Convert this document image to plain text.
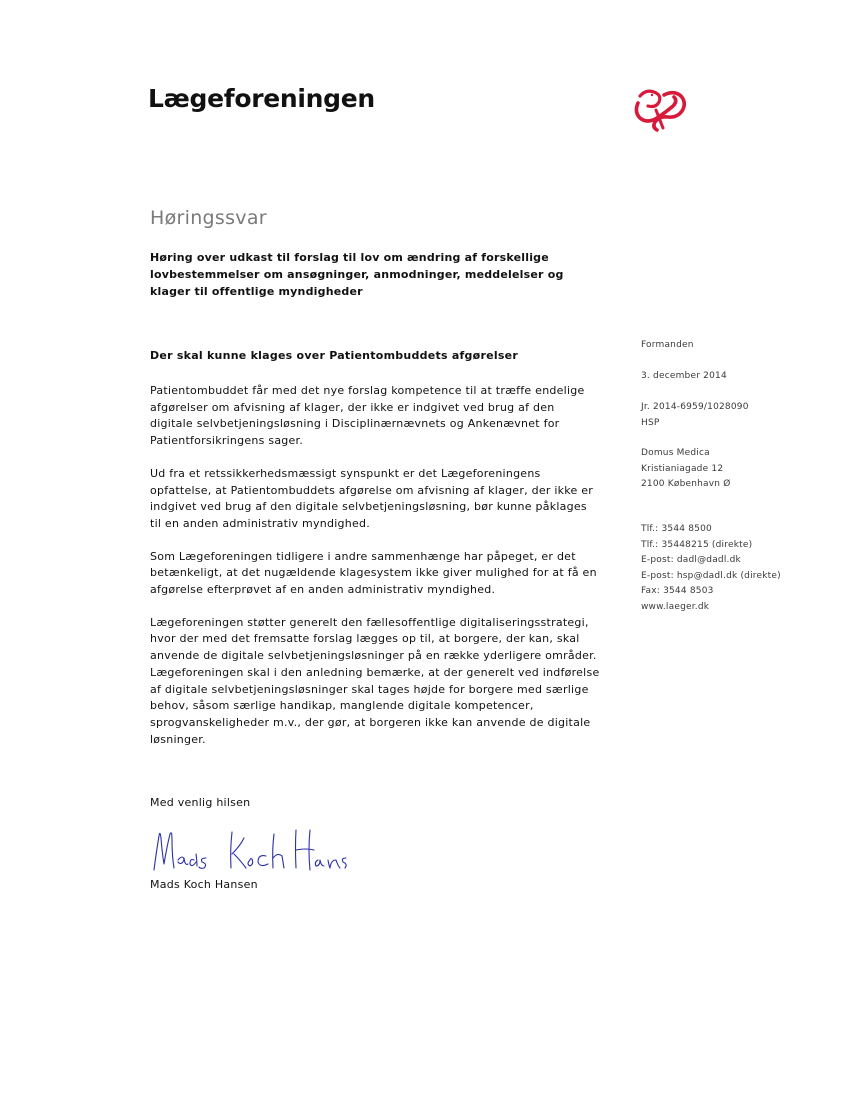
Lægeforeningen
Høringssvar
Høring over udkast til forslag til lov om ændring af forskellige lovbestemmelser om ansøgninger, anmodninger, meddelelser og klager til offentlige myndigheder
Der skal kunne klages over Patientombuddets afgørelser

Patientombuddet får med det nye forslag kompetence til at træffe endelige afgørelser om afvisning af klager, der ikke er indgivet ved brug af den digitale selvbetjeningsløsning i Disciplinærnævnets og Ankenævnet for Patientforsikringens sager.

Ud fra et retssikkerhedsmæssigt synspunkt er det Lægeforeningens opfattelse, at Patientombuddets afgørelse om afvisning af klager, der ikke er indgivet ved brug af den digitale selvbetjeningsløsning, bør kunne påklages til en anden administrativ myndighed.

Som Lægeforeningen tidligere i andre sammenhænge har påpeget, er det betænkeligt, at det nugældende klagesystem ikke giver mulighed for at få en afgørelse efterprøvet af en anden administrativ myndighed.

Lægeforeningen støtter generelt den fællesoffentlige digitaliseringsstrategi, hvor der med det fremsatte forslag lægges op til, at borgere, der kan, skal anvende de digitale selvbetjeningsløsninger på en række yderligere områder. Lægeforeningen skal i den anledning bemærke, at der generelt ved indførelse af digitale selvbetjeningsløsninger skal tages højde for borgere med særlige behov, såsom særlige handikap, manglende digitale kompetencer, sprogvanskeligheder m.v., der gør, at borgeren ikke kan anvende de digitale løsninger.

Formanden
3. december 2014
Jr. 2014-6959/1028090
HSP
Domus Medica
Kristianiagade 12
2100 København Ø
Tlf.: 3544 8500
Tlf.: 35448215 (direkte)
E-post: dadl@dadl.dk
E-post: hsp@dadl.dk (direkte)
Fax: 3544 8503
www.laeger.dk
Med venlig hilsen
Mads Koch Hansen
